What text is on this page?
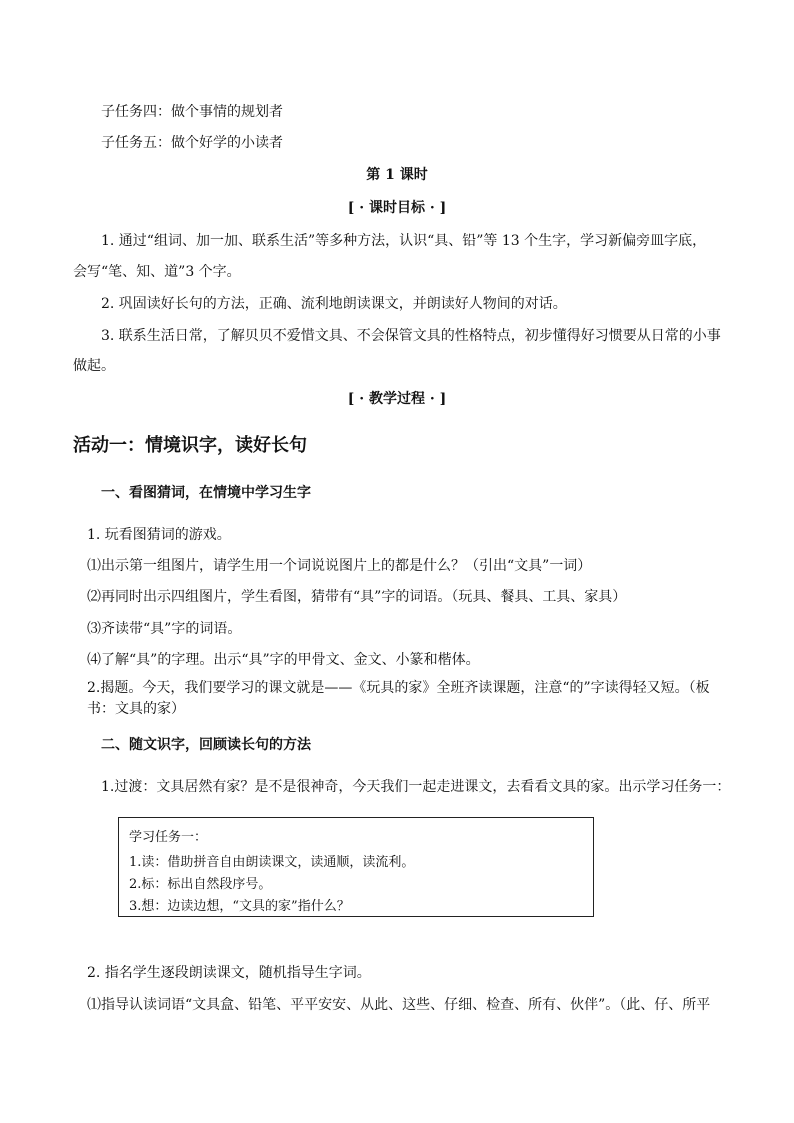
子任务四：做个事情的规划者
子任务五：做个好学的小读者
第 1 课时
[ · 课时目标 · ]
1. 通过“组词、加一加、联系生活”等多种方法，认识“具、铅”等 13 个生字，学习新偏旁皿字底，
会写“笔、知、道”3 个字。
2. 巩固读好长句的方法，正确、流利地朗读课文，并朗读好人物间的对话。
3. 联系生活日常，了解贝贝不爱惜文具、不会保管文具的性格特点，初步懂得好习惯要从日常的小事
做起。
[ · 教学过程 · ]
活动一：情境识字，读好长句
一、看图猜词，在情境中学习生字
1. 玩看图猜词的游戏。
⑴出示第一组图片，请学生用一个词说说图片上的都是什么？（引出“文具”一词）
⑵再同时出示四组图片，学生看图，猜带有“具”字的词语。（玩具、餐具、工具、家具）
⑶齐读带“具”字的词语。
⑷了解“具”的字理。出示“具”字的甲骨文、金文、小篆和楷体。
2.揭题。今天，我们要学习的课文就是——《玩具的家》全班齐读课题，注意“的”字读得轻又短。（板
书：文具的家）
二、随文识字，回顾读长句的方法
1.过渡：文具居然有家？是不是很神奇，今天我们一起走进课文，去看看文具的家。出示学习任务一：
学习任务一：
1.读：借助拼音自由朗读课文，读通顺，读流利。
2.标：标出自然段序号。
3.想：边读边想，“文具的家”指什么？
2. 指名学生逐段朗读课文，随机指导生字词。
⑴指导认读词语“文具盒、铅笔、平平安安、从此、这些、仔细、检查、所有、伙伴”。（此、仔、所平
